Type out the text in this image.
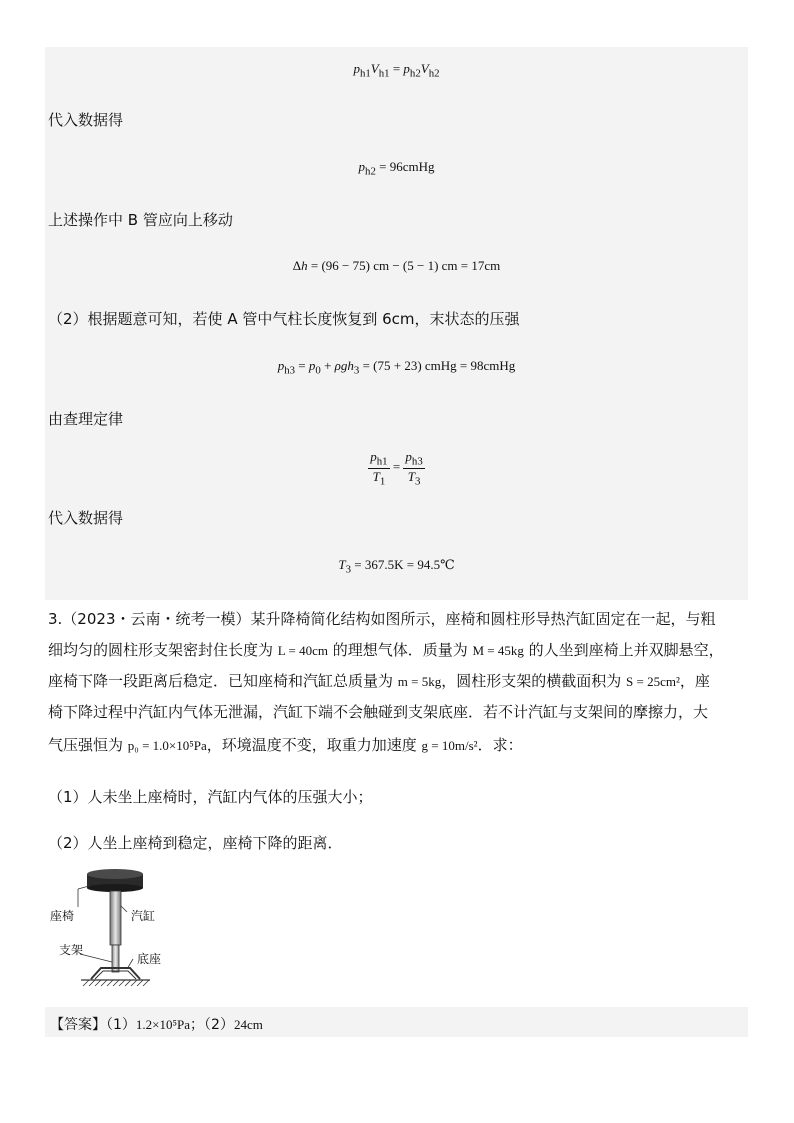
$p_{h1}V_{h1} = p_{h2}V_{h2}$
代入数据得
$p_{h2}$ = 96cmHg
上述操作中 B 管应向上移动
Δh = (96 − 75) cm − (5 − 1) cm = 17cm
（2）根据题意可知，若使 A 管中气柱长度恢复到 6cm，末状态的压强
$p_{h3} = p_0 + \rho gh_3 = (75 + 23)$ cmHg = 98cmHg
由查理定律
$\frac{p_{h1}}{T_1} = \frac{p_{h3}}{T_3}$
代入数据得
$T_3 = 367.5K$ = 94.5℃
3.（2023・云南・统考一模）某升降椅简化结构如图所示，座椅和圆柱形导热汽缸固定在一起，与粗
细均匀的圆柱形支架密封住长度为 L = 40cm 的理想气体．质量为 M = 45kg 的人坐到座椅上并双脚悬空，
座椅下降一段距离后稳定．已知座椅和汽缸总质量为 m = 5kg，圆柱形支架的横截面积为 S = 25cm²，座
椅下降过程中汽缸内气体无泄漏，汽缸下端不会触碰到支架底座．若不计汽缸与支架间的摩擦力，大
气压强恒为 p₀ = 1.0×10⁵Pa，环境温度不变，取重力加速度 g = 10m/s²．求：
（1）人未坐上座椅时，汽缸内气体的压强大小；
（2）人坐上座椅到稳定，座椅下降的距离．
座椅	汽缸
支架
底座
【答案】（1）1.2×10⁵Pa；（2）24cm
